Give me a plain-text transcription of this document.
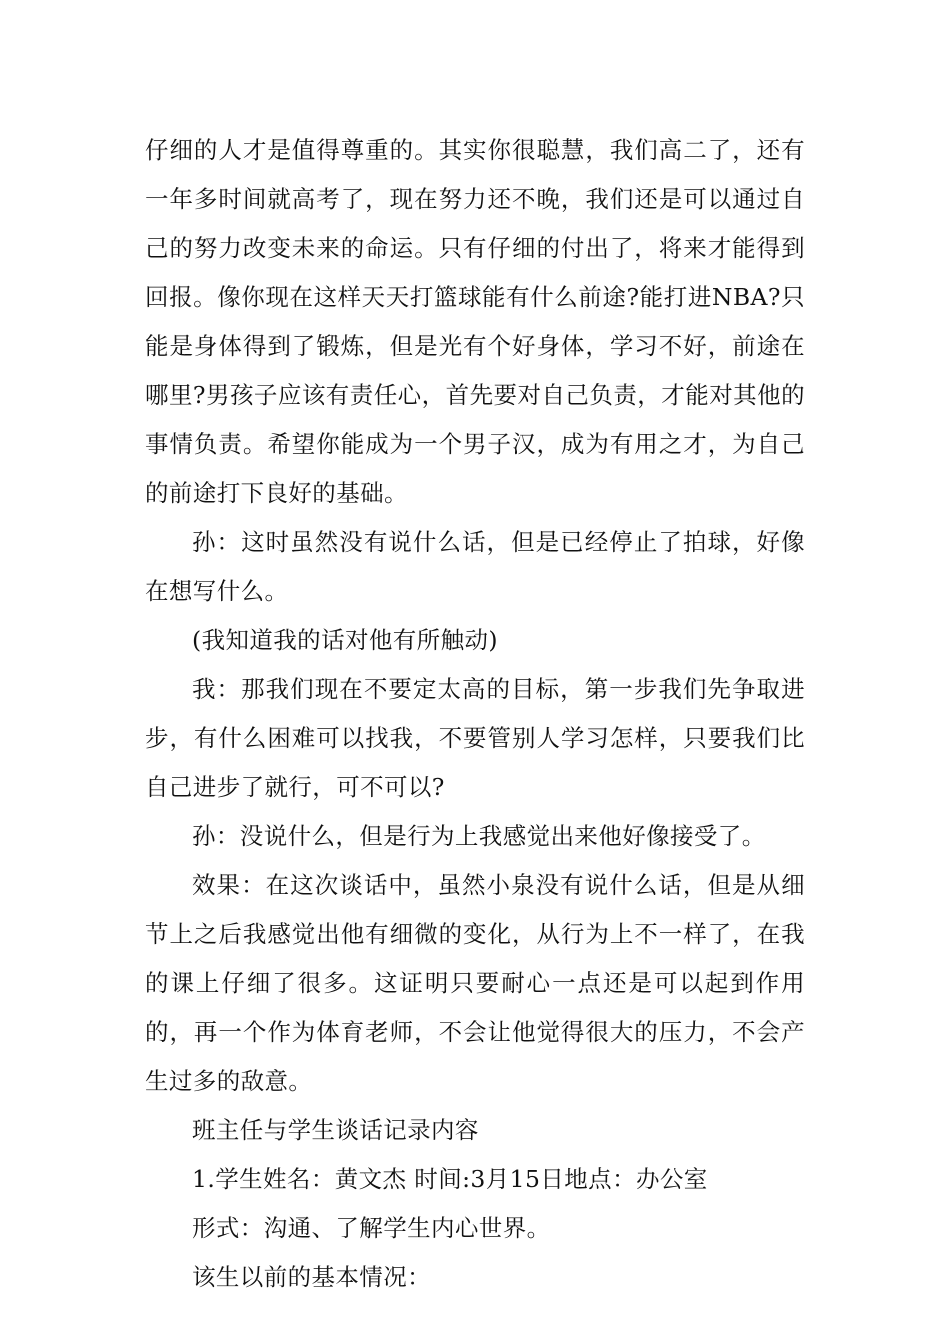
仔细的人才是值得尊重的。其实你很聪慧，我们高二了，还有一年多时间就高考了，现在努力还不晚，我们还是可以通过自己的努力改变未来的命运。只有仔细的付出了，将来才能得到回报。像你现在这样天天打篮球能有什么前途?能打进NBA?只能是身体得到了锻炼，但是光有个好身体，学习不好，前途在哪里?男孩子应该有责任心，首先要对自己负责，才能对其他的事情负责。希望你能成为一个男子汉，成为有用之才，为自己的前途打下良好的基础。

孙：这时虽然没有说什么话，但是已经停止了拍球，好像在想写什么。

(我知道我的话对他有所触动)

我：那我们现在不要定太高的目标，第一步我们先争取进步，有什么困难可以找我，不要管别人学习怎样，只要我们比自己进步了就行，可不可以?

孙：没说什么，但是行为上我感觉出来他好像接受了。

效果：在这次谈话中，虽然小泉没有说什么话，但是从细节上之后我感觉出他有细微的变化，从行为上不一样了，在我的课上仔细了很多。这证明只要耐心一点还是可以起到作用的，再一个作为体育老师，不会让他觉得很大的压力，不会产生过多的敌意。

班主任与学生谈话记录内容

1.学生姓名：黄文杰 时间:3月15日地点：办公室

形式：沟通、了解学生内心世界。

该生以前的基本情况：
